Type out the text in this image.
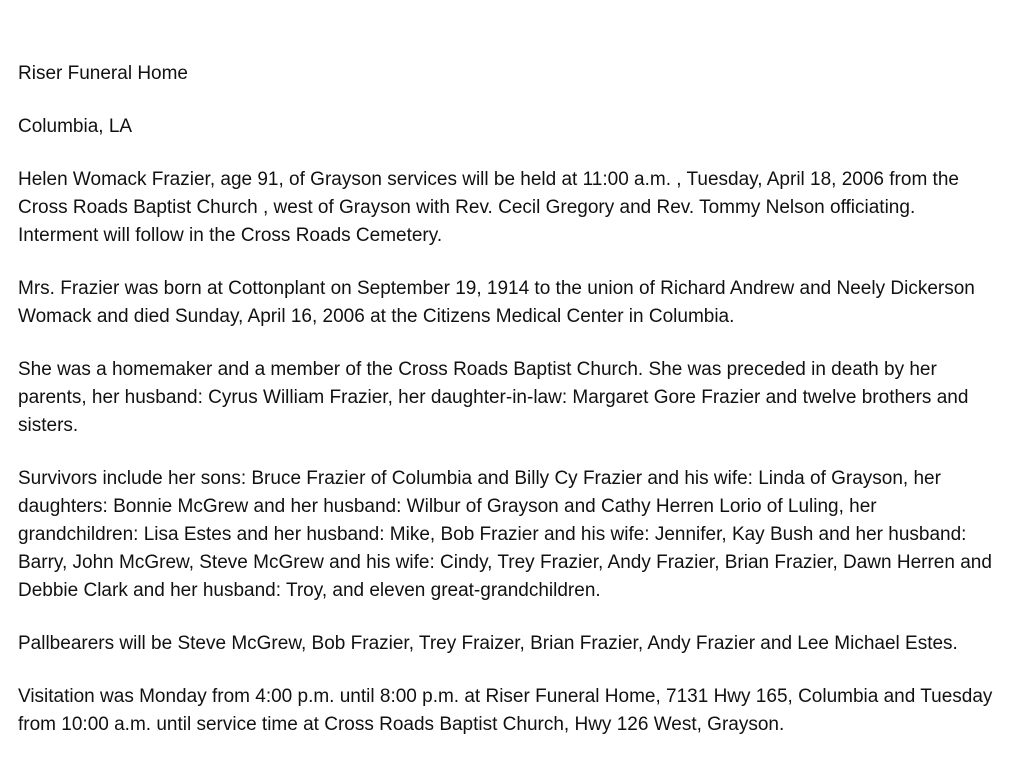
Riser Funeral Home

Columbia, LA

Helen Womack Frazier, age 91, of Grayson services will be held at 11:00 a.m. , Tuesday, April 18, 2006 from the Cross Roads Baptist Church , west of Grayson with Rev. Cecil Gregory and Rev. Tommy Nelson officiating. Interment will follow in the Cross Roads Cemetery.

Mrs. Frazier was born at Cottonplant on September 19, 1914 to the union of Richard Andrew and Neely Dickerson Womack and died Sunday, April 16, 2006 at the Citizens Medical Center in Columbia.

She was a homemaker and a member of the Cross Roads Baptist Church. She was preceded in death by her parents, her husband: Cyrus William Frazier, her daughter-in-law: Margaret Gore Frazier and twelve brothers and sisters.

Survivors include her sons: Bruce Frazier of Columbia and Billy Cy Frazier and his wife: Linda of Grayson, her daughters: Bonnie McGrew and her husband: Wilbur of Grayson and Cathy Herren Lorio of Luling, her grandchildren: Lisa Estes and her husband: Mike, Bob Frazier and his wife: Jennifer, Kay Bush and her husband: Barry, John McGrew, Steve McGrew and his wife: Cindy, Trey Frazier, Andy Frazier, Brian Frazier, Dawn Herren and Debbie Clark and her husband: Troy, and eleven great-grandchildren.

Pallbearers will be Steve McGrew, Bob Frazier, Trey Fraizer, Brian Frazier, Andy Frazier and Lee Michael Estes.

Visitation was Monday from 4:00 p.m. until 8:00 p.m. at Riser Funeral Home, 7131 Hwy 165, Columbia and Tuesday from 10:00 a.m. until service time at Cross Roads Baptist Church, Hwy 126 West, Grayson.
